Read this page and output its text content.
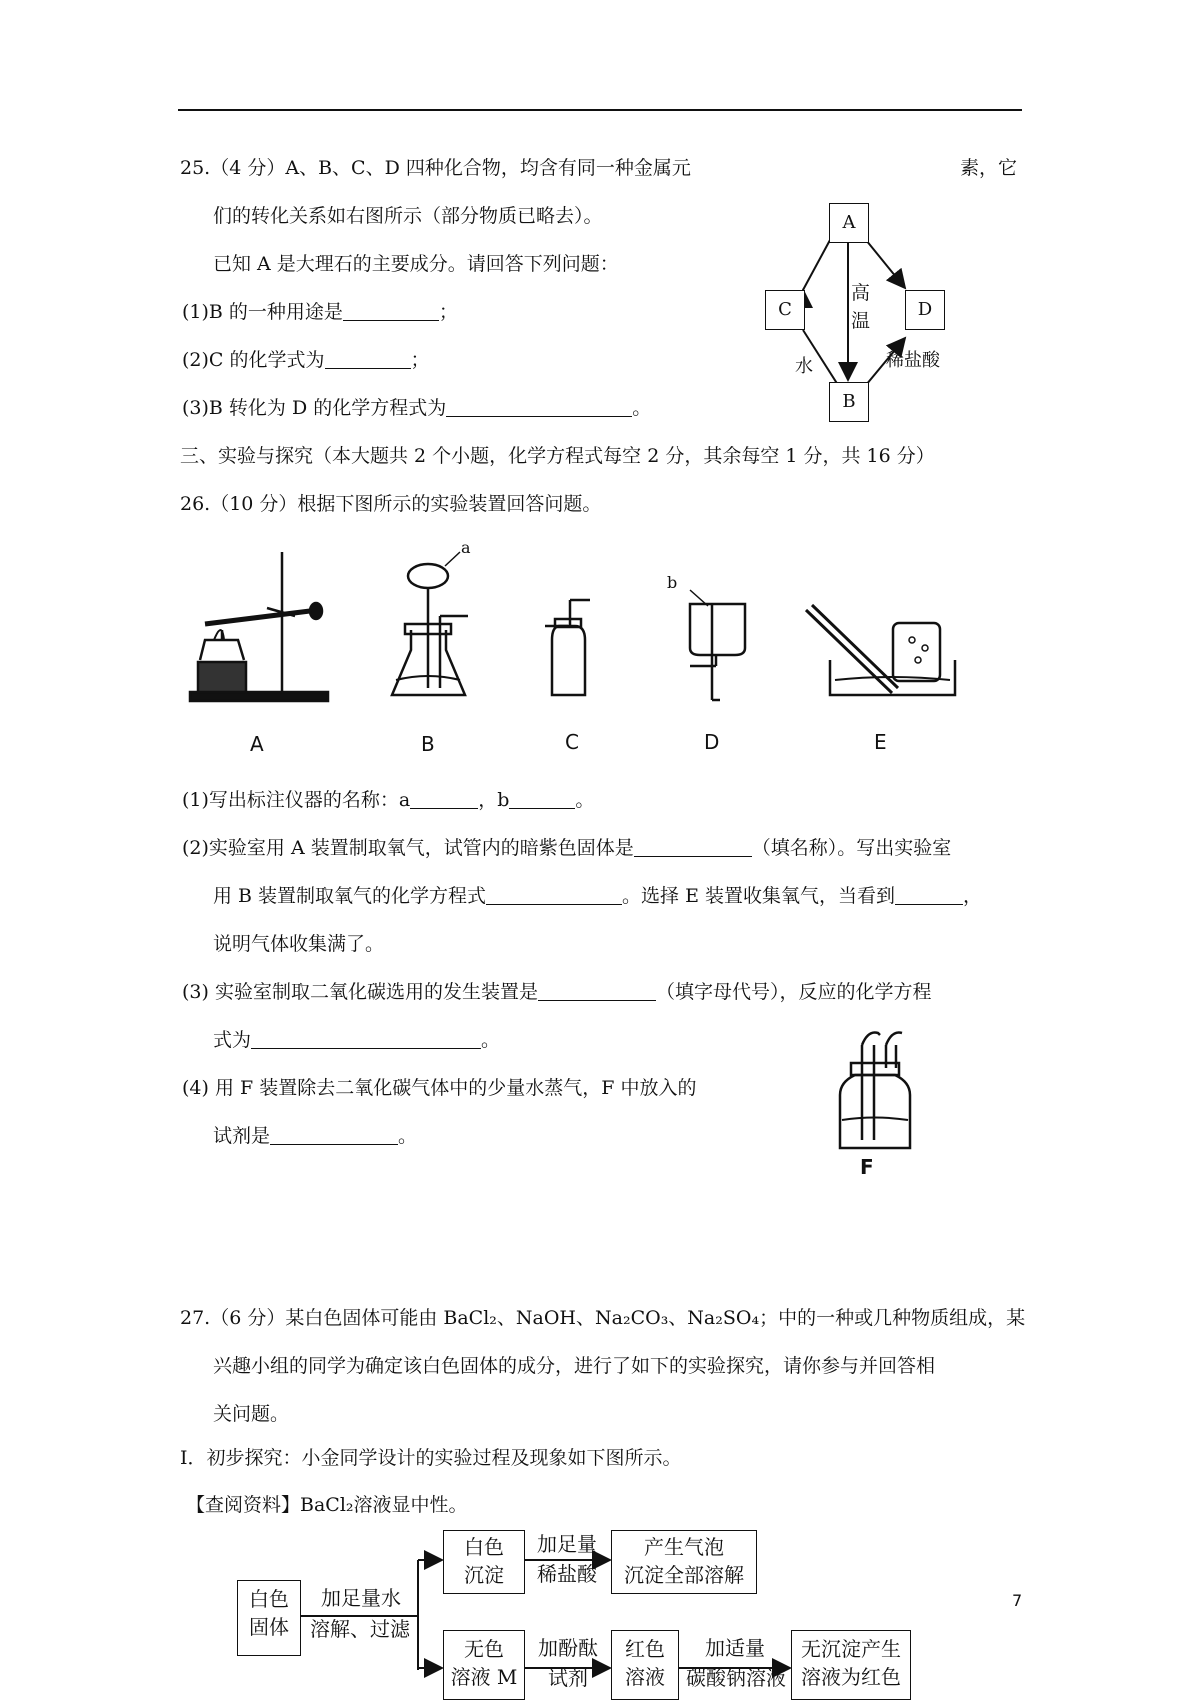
25.（4 分）A、B、C、D 四种化合物，均含有同一种金属元	素，它
们的转化关系如右图所示（部分物质已略去）。
已知 A 是大理石的主要成分。请回答下列问题：
(1)B 的一种用途是	；
(2)C 的化学式为	；
(3)B 转化为 D 的化学方程式为	。
A
C	D
B
高
温
水	稀盐酸
三、实验与探究（本大题共 2 个小题，化学方程式每空 2 分，其余每空 1 分，共 16 分）
26.（10 分）根据下图所示的实验装置回答问题。
A	B	C	D	E
a
b
F
(1)写出标注仪器的名称：a	，b	。
(2)实验室用 A 装置制取氧气，试管内的暗紫色固体是	（填名称）。写出实验室
用 B 装置制取氧气的化学方程式	。选择 E 装置收集氧气，当看到	，
说明气体收集满了。
(3) 实验室制取二氧化碳选用的发生装置是	（填字母代号），反应的化学方程
式为	。
(4) 用 F 装置除去二氧化碳气体中的少量水蒸气，F 中放入的
试剂是	。
27.（6 分）某白色固体可能由 BaCl₂、NaOH、Na₂CO₃、Na₂SO₄；中的一种或几种物质组成，某
兴趣小组的同学为确定该白色固体的成分，进行了如下的实验探究，请你参与并回答相
关问题。
I．初步探究：小金同学设计的实验过程及现象如下图所示。
【查阅资料】BaCl₂溶液显中性。
白色
固体
加足量水
溶解、过滤
白色
沉淀
加足量
稀盐酸
产生气泡
沉淀全部溶解
无色
溶液 M
加酚酞
试剂
红色
溶液
加适量
碳酸钠溶液
无沉淀产生
溶液为红色
7
